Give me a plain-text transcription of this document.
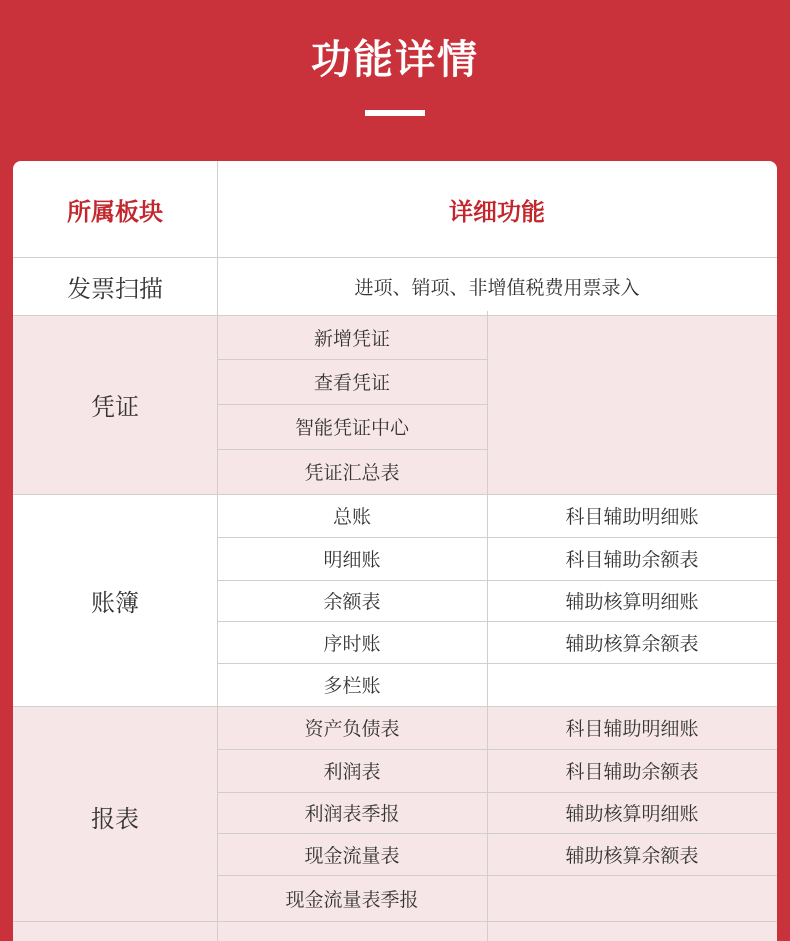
功能详情
所属板块	详细功能
发票扫描	进项、销项、非增值税费用票录入
凭证
新增凭证
查看凭证
智能凭证中心
凭证汇总表
账簿
总账
明细账
余额表
序时账
多栏账
科目辅助明细账
科目辅助余额表
辅助核算明细账
辅助核算余额表
报表
资产负债表
利润表
利润表季报
现金流量表
现金流量表季报
科目辅助明细账
科目辅助余额表
辅助核算明细账
辅助核算余额表
